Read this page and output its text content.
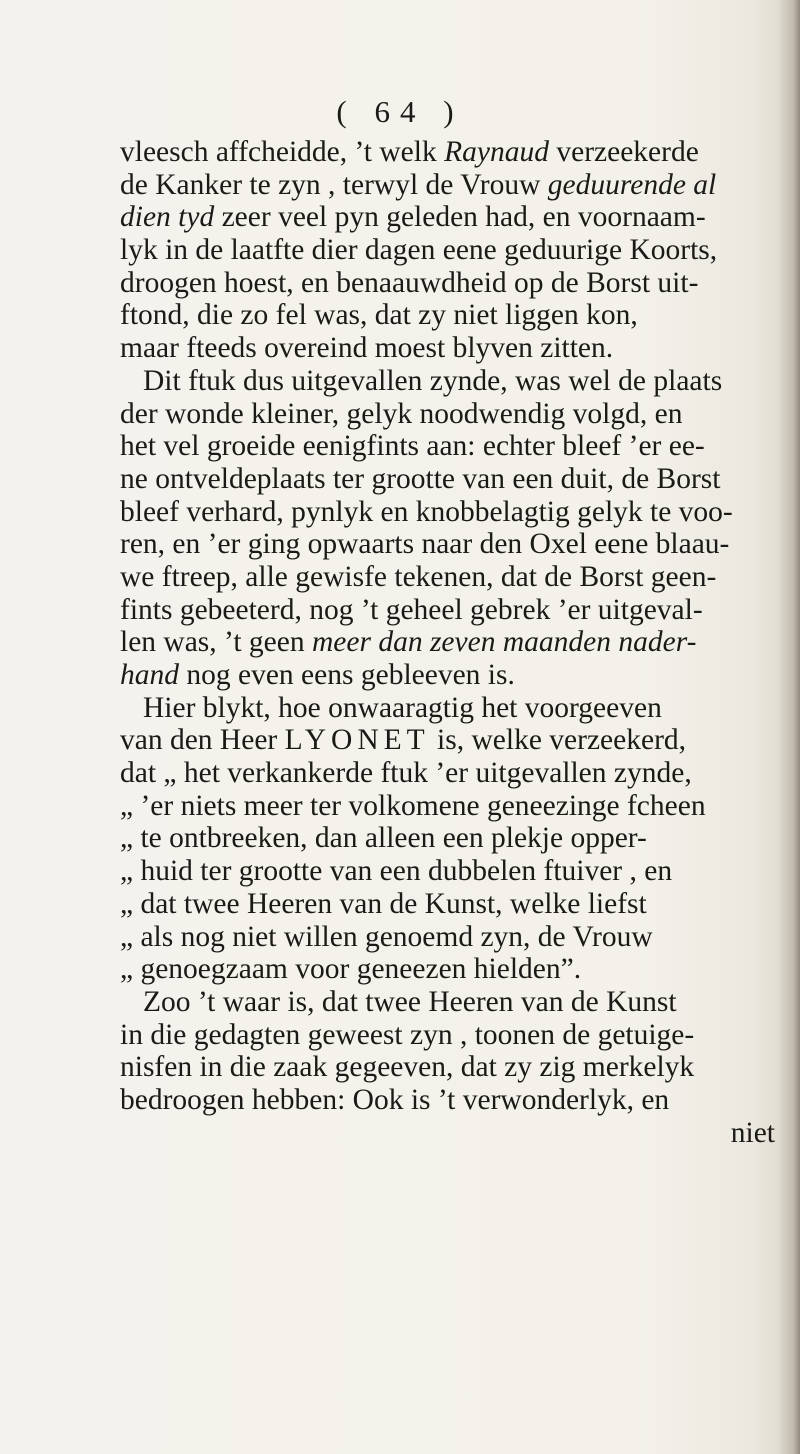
( 64 )
vleesch affcheidde, ’t welk Raynaud verzeekerde
de Kanker te zyn , terwyl de Vrouw geduurende al
dien tyd zeer veel pyn geleden had, en voornaam-
lyk in de laatfte dier dagen eene geduurige Koorts,
droogen hoest, en benaauwdheid op de Borst uit-
ftond, die zo fel was, dat zy niet liggen kon,
maar fteeds overeind moest blyven zitten.
Dit ftuk dus uitgevallen zynde, was wel de plaats
der wonde kleiner, gelyk noodwendig volgd, en
het vel groeide eenigfints aan: echter bleef ’er ee-
ne ontveldeplaats ter grootte van een duit, de Borst
bleef verhard, pynlyk en knobbelagtig gelyk te voo-
ren, en ’er ging opwaarts naar den Oxel eene blaau-
we ftreep, alle gewisfe tekenen, dat de Borst geen-
fints gebeeterd, nog ’t geheel gebrek ’er uitgeval-
len was, ’t geen meer dan zeven maanden nader-
hand nog even eens gebleeven is.
Hier blykt, hoe onwaaragtig het voorgeeven
van den Heer LYONET is, welke verzeekerd,
dat „ het verkankerde ftuk ’er uitgevallen zynde,
„ ’er niets meer ter volkomene geneezinge fcheen
„ te ontbreeken, dan alleen een plekje opper-
„ huid ter grootte van een dubbelen ftuiver , en
„ dat twee Heeren van de Kunst, welke liefst
„ als nog niet willen genoemd zyn, de Vrouw
„ genoegzaam voor geneezen hielden”.
Zoo ’t waar is, dat twee Heeren van de Kunst
in die gedagten geweest zyn , toonen de getuige-
nisfen in die zaak gegeeven, dat zy zig merkelyk
bedroogen hebben: Ook is ’t verwonderlyk, en
niet
